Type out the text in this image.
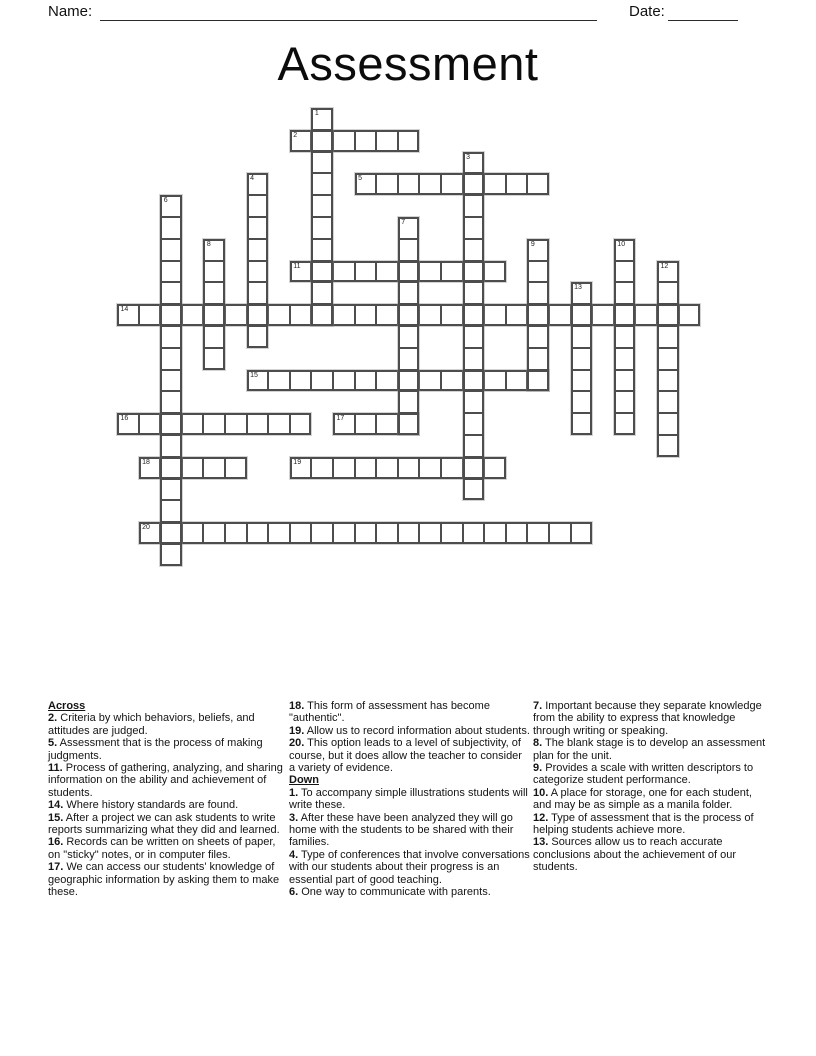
Name:	Date:
Assessment
2
5
11
14
15
16	17
18	19
20
1
3
4
6
7
8	9	10
12
13

Across

2. Criteria by which behaviors, beliefs, and attitudes are judged.

5. Assessment that is the process of making judgments.

11. Process of gathering, analyzing, and sharing information on the ability and achievement of students.

14. Where history standards are found.

15. After a project we can ask students to write reports summarizing what they did and learned.

16. Records can be written on sheets of paper, on "sticky" notes, or in computer files.

17. We can access our students' knowledge of geographic information by asking them to make these.

18. This form of assessment has become "authentic".

19. Allow us to record information about students.

20. This option leads to a level of subjectivity, of course, but it does allow the teacher to consider a variety of evidence.

Down

1. To accompany simple illustrations students will write these.

3. After these have been analyzed they will go home with the students to be shared with their families.

4. Type of conferences that involve conversations with our students about their progress is an essential part of good teaching.

6. One way to communicate with parents.

7. Important because they separate knowledge from the ability to express that knowledge through writing or speaking.

8. The blank stage is to develop an assessment plan for the unit.

9. Provides a scale with written descriptors to categorize student performance.

10. A place for storage, one for each student, and may be as simple as a manila folder.

12. Type of assessment that is the process of helping students achieve more.

13. Sources allow us to reach accurate conclusions about the achievement of our students.
